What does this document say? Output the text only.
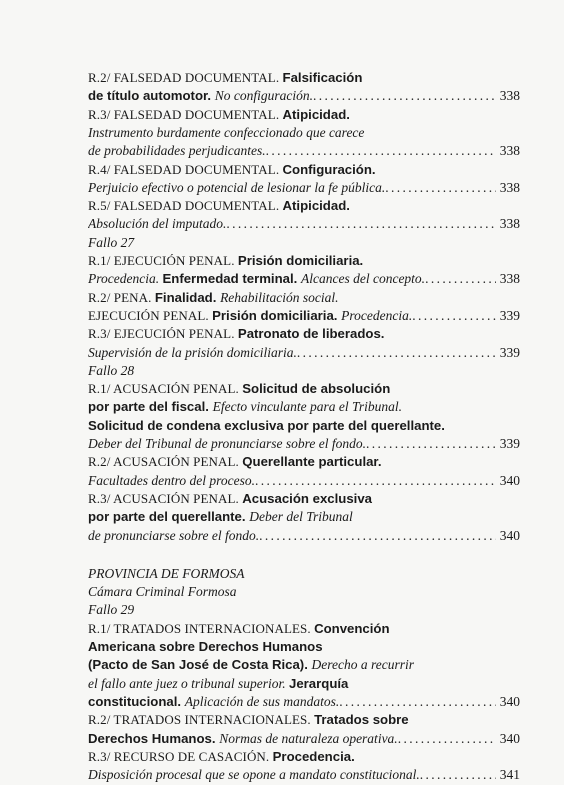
R.2/ FALSEDAD DOCUMENTAL. Falsificación
de título automotor. No configuración. . . .	338
R.3/ FALSEDAD DOCUMENTAL. Atipicidad.
Instrumento burdamente confeccionado que carece
de probabilidades perjudicantes. . . .	338
R.4/ FALSEDAD DOCUMENTAL. Configuración.
Perjuicio efectivo o potencial de lesionar la fe pública. . . .	338
R.5/ FALSEDAD DOCUMENTAL. Atipicidad.
Absolución del imputado. . . .	338
Fallo 27
R.1/ EJECUCIÓN PENAL. Prisión domiciliaria.
Procedencia. Enfermedad terminal. Alcances del concepto. . . .	338
R.2/ PENA. Finalidad. Rehabilitación social.
EJECUCIÓN PENAL. Prisión domiciliaria. Procedencia. . . .	339
R.3/ EJECUCIÓN PENAL. Patronato de liberados.
Supervisión de la prisión domiciliaria. . . .	339
Fallo 28
R.1/ ACUSACIÓN PENAL. Solicitud de absolución
por parte del fiscal. Efecto vinculante para el Tribunal.
Solicitud de condena exclusiva por parte del querellante.
Deber del Tribunal de pronunciarse sobre el fondo. . . .	339
R.2/ ACUSACIÓN PENAL. Querellante particular.
Facultades dentro del proceso. . . .	340
R.3/ ACUSACIÓN PENAL. Acusación exclusiva
por parte del querellante. Deber del Tribunal
de pronunciarse sobre el fondo. . . .	340
PROVINCIA DE FORMOSA
Cámara Criminal Formosa
Fallo 29
R.1/ TRATADOS INTERNACIONALES. Convención
Americana sobre Derechos Humanos
(Pacto de San José de Costa Rica). Derecho a recurrir
el fallo ante juez o tribunal superior. Jerarquía
constitucional. Aplicación de sus mandatos. . . .	340
R.2/ TRATADOS INTERNACIONALES. Tratados sobre
Derechos Humanos. Normas de naturaleza operativa. . . .	340
R.3/ RECURSO DE CASACIÓN. Procedencia.
Disposición procesal que se opone a mandato constitucional. . . .	341
